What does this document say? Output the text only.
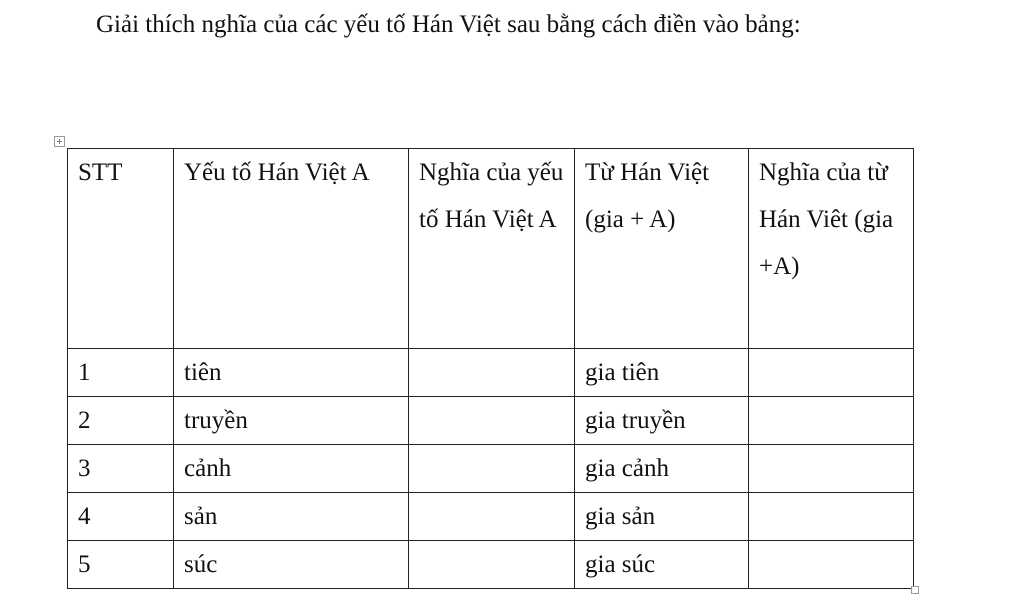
Giải thích nghĩa của các yếu tố Hán Việt sau bằng cách điền vào bảng:
STT	Yếu tố Hán Việt A	Nghĩa của yếu tố Hán Việt A	Từ Hán Việt (gia + A)	Nghĩa của từ Hán Viêt (gia +A)
1	tiên		gia tiên	
2	truyền		gia truyền	
3	cảnh		gia cảnh	
4	sản		gia sản	
5	súc		gia súc	
